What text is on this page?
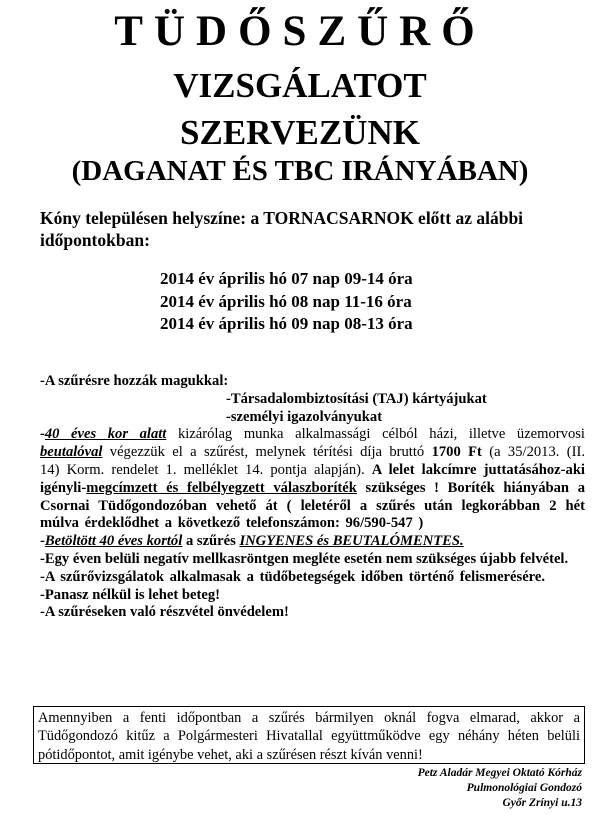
TÜDŐSZŰRŐ
VIZSGÁLATOT
SZERVEZÜNK
(DAGANAT ÉS TBC IRÁNYÁBAN)
Kóny településen helyszíne: a TORNACSARNOK előtt az alábbi
időpontokban:
2014 év április hó 07 nap 09-14 óra
2014 év április hó 08 nap 11-16 óra
2014 év április hó 09 nap 08-13 óra
-A szűrésre hozzák magukkal:
-Társadalombiztosítási (TAJ) kártyájukat
-személyi igazolványukat
-40 éves kor alatt kizárólag munka alkalmassági célból házi, illetve üzemorvosi beutalóval végezzük el a szűrést, melynek térítési díja bruttó 1700 Ft (a 35/2013. (II. 14) Korm. rendelet 1. melléklet 14. pontja alapján). A lelet lakcímre juttatásához-aki igényli-megcímzett és felbélyegzett válaszboríték szükséges ! Boríték hiányában a Csornai Tüdőgondozóban vehető át ( leletéről a szűrés után legkorábban 2 hét múlva érdeklődhet a következő telefonszámon: 96/590-547 )
-Betöltött 40 éves kortól a szűrés INGYENES és BEUTALÓMENTES.
-Egy éven belüli negatív mellkasröntgen megléte esetén nem szükséges újabb felvétel.
-A szűrővizsgálatok alkalmasak a tüdőbetegségek időben történő felismerésére.
-Panasz nélkül is lehet beteg!
-A szűréseken való részvétel önvédelem!
Amennyiben a fenti időpontban a szűrés bármilyen oknál fogva elmarad, akkor a Tüdőgondozó kitűz a Polgármesteri Hivatallal együttműködve egy néhány héten belüli pótidőpontot, amit igénybe vehet, aki a szűrésen részt kíván venni!
Petz Aladár Megyei Oktató Kórház
Pulmonológiai Gondozó
Győr Zrínyi u.13
